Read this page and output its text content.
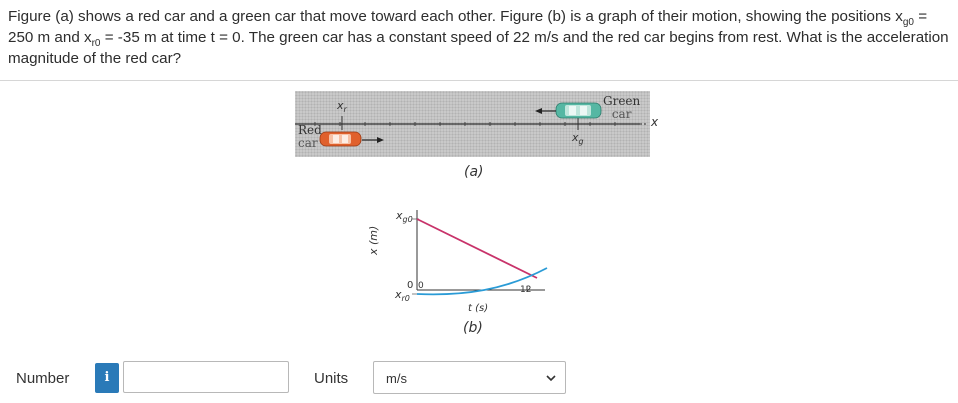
Figure (a) shows a red car and a green car that move toward each other. Figure (b) is a graph of their motion, showing the positions $x_{g0} = 250$ m and $x_{r0} = -35$ m at time t = 0. The green car has a constant speed of 22 m/s and the red car begins from rest. What is the acceleration magnitude of the red car?
Red
car
Green
car
$x_r$
$x_g$
x
(a)
x (m)
$x_{g0}$
0
$x_{r0}$
0	12
t (s)
(b)
Number	i	Units	m/s
